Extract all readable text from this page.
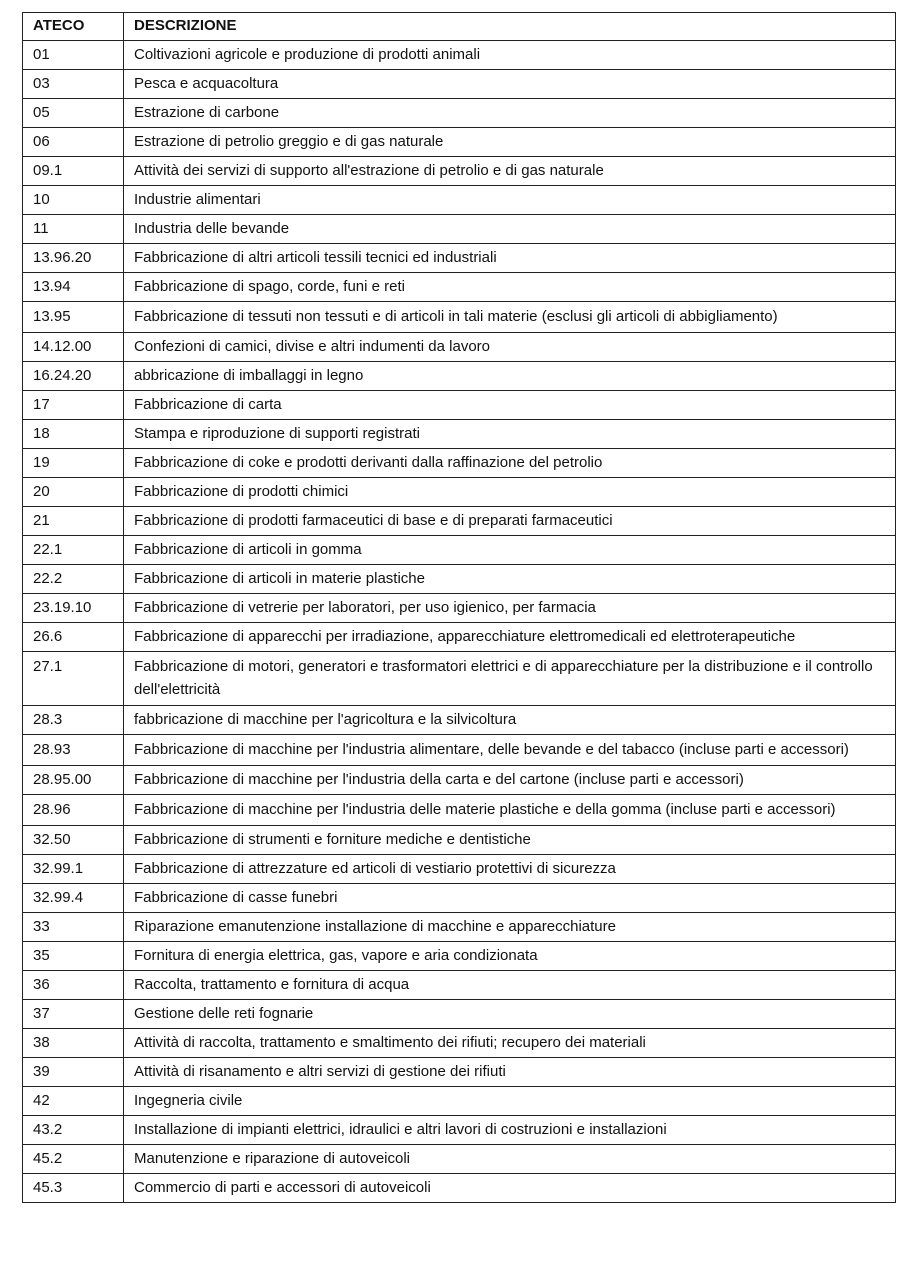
ATECO	DESCRIZIONE
01	Coltivazioni agricole e produzione di prodotti animali
03	Pesca e acquacoltura
05	Estrazione di carbone
06	Estrazione di petrolio greggio e di gas naturale
09.1	Attività dei servizi di supporto all'estrazione di petrolio e di gas naturale
10	Industrie alimentari
11	Industria delle bevande
13.96.20	Fabbricazione di altri articoli tessili tecnici ed industriali
13.94	Fabbricazione di spago, corde, funi e reti
13.95	Fabbricazione di tessuti non tessuti e di articoli in tali materie (esclusi gli articoli di abbigliamento)
14.12.00	Confezioni di camici, divise e altri indumenti da lavoro
16.24.20	abbricazione di imballaggi in legno
17	Fabbricazione di carta
18	Stampa e riproduzione di supporti registrati
19	Fabbricazione di coke e prodotti derivanti dalla raffinazione del petrolio
20	Fabbricazione di prodotti chimici
21	Fabbricazione di prodotti farmaceutici di base e di preparati farmaceutici
22.1	Fabbricazione di articoli in gomma
22.2	Fabbricazione di articoli in materie plastiche
23.19.10	Fabbricazione di vetrerie per laboratori, per uso igienico, per farmacia
26.6	Fabbricazione di apparecchi per irradiazione, apparecchiature elettromedicali ed elettroterapeutiche
27.1	Fabbricazione di motori, generatori e trasformatori elettrici e di apparecchiature per la distribuzione e il controllo dell'elettricità
28.3	fabbricazione di macchine per l'agricoltura e la silvicoltura
28.93	Fabbricazione di macchine per l'industria alimentare, delle bevande e del tabacco (incluse parti e accessori)
28.95.00	Fabbricazione di macchine per l'industria della carta e del cartone (incluse parti e accessori)
28.96	Fabbricazione di macchine per l'industria delle materie plastiche e della gomma (incluse parti e accessori)
32.50	Fabbricazione di strumenti e forniture mediche e dentistiche
32.99.1	Fabbricazione di attrezzature ed articoli di vestiario protettivi di sicurezza
32.99.4	Fabbricazione di casse funebri
33	Riparazione emanutenzione installazione di macchine e apparecchiature
35	Fornitura di energia elettrica, gas, vapore e aria condizionata
36	Raccolta, trattamento e fornitura di acqua
37	Gestione delle reti fognarie
38	Attività di raccolta, trattamento e smaltimento dei rifiuti; recupero dei materiali
39	Attività di risanamento e altri servizi di gestione dei rifiuti
42	Ingegneria civile
43.2	Installazione di impianti elettrici, idraulici e altri lavori di costruzioni e installazioni
45.2	Manutenzione e riparazione di autoveicoli
45.3	Commercio di parti e accessori di autoveicoli
